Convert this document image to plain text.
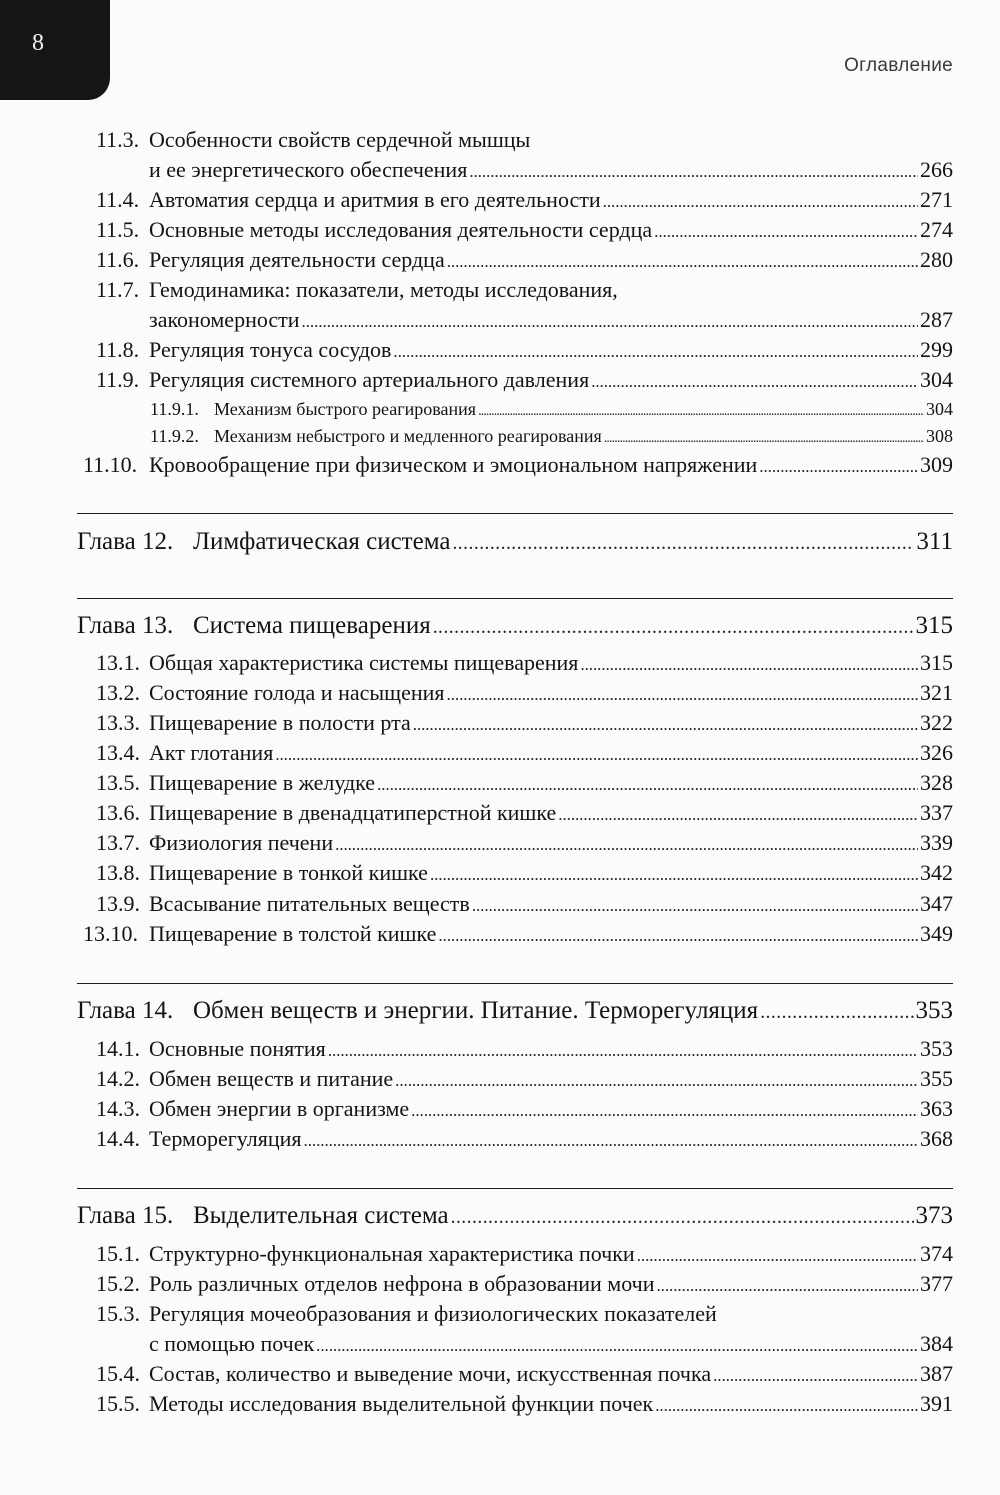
8
Оглавление
11.3. Особенности свойств сердечной мышцы
и ее энергетического обеспечения . . .	266
11.4. Автоматия сердца и аритмия в его деятельности . . .	271
11.5. Основные методы исследования деятельности сердца . . .	274
11.6. Регуляция деятельности сердца . . .	280
11.7. Гемодинамика: показатели, методы исследования,
закономерности . . .	287
11.8. Регуляция тонуса сосудов . . .	299
11.9. Регуляция системного артериального давления . . .	304
11.9.1. Механизм быстрого реагирования . . .	304
11.9.2. Механизм небыстрого и медленного реагирования . . .	308
11.10. Кровообращение при физическом и эмоциональном напряжении . . .	309
Глава 12. Лимфатическая система . . .	311
Глава 13. Система пищеварения . . .	315
13.1. Общая характеристика системы пищеварения . . .	315
13.2. Состояние голода и насыщения . . .	321
13.3. Пищеварение в полости рта . . .	322
13.4. Акт глотания . . .	326
13.5. Пищеварение в желудке . . .	328
13.6. Пищеварение в двенадцатиперстной кишке . . .	337
13.7. Физиология печени . . .	339
13.8. Пищеварение в тонкой кишке . . .	342
13.9. Всасывание питательных веществ . . .	347
13.10. Пищеварение в толстой кишке . . .	349
Глава 14. Обмен веществ и энергии. Питание. Терморегуляция . . .	353
14.1. Основные понятия . . .	353
14.2. Обмен веществ и питание . . .	355
14.3. Обмен энергии в организме . . .	363
14.4. Терморегуляция . . .	368
Глава 15. Выделительная система . . .	373
15.1. Структурно-функциональная характеристика почки . . .	374
15.2. Роль различных отделов нефрона в образовании мочи . . .	377
15.3. Регуляция мочеобразования и физиологических показателей
с помощью почек . . .	384
15.4. Состав, количество и выведение мочи, искусственная почка . . .	387
15.5. Методы исследования выделительной функции почек . . .	391
